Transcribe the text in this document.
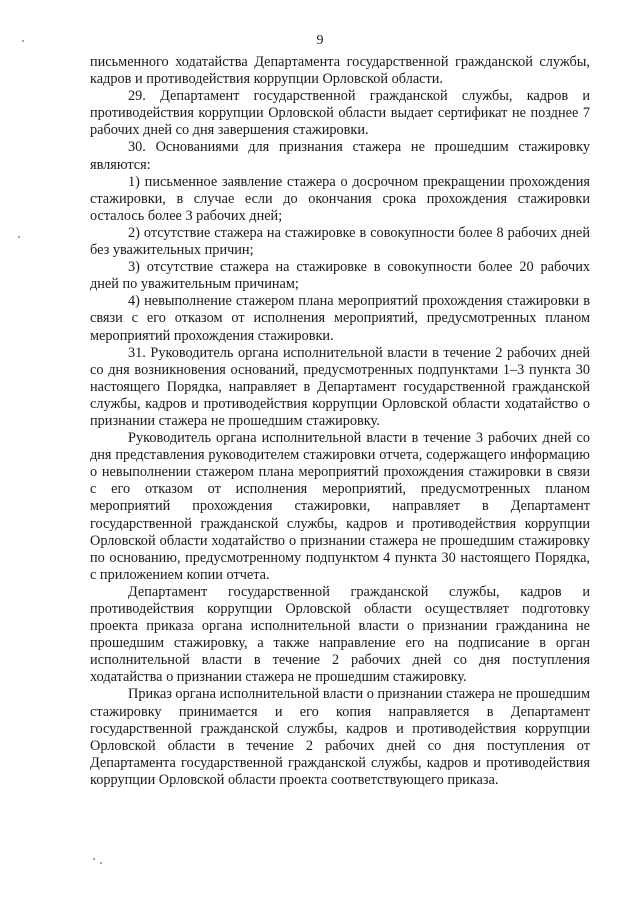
9

письменного ходатайства Департамента государственной гражданской службы, кадров и противодействия коррупции Орловской области.

29. Департамент государственной гражданской службы, кадров и противодействия коррупции Орловской области выдает сертификат не позднее 7 рабочих дней со дня завершения стажировки.

30. Основаниями для признания стажера не прошедшим стажировку являются:

1) письменное заявление стажера о досрочном прекращении прохождения стажировки, в случае если до окончания срока прохождения стажировки осталось более 3 рабочих дней;

2) отсутствие стажера на стажировке в совокупности более 8 рабочих дней без уважительных причин;

3) отсутствие стажера на стажировке в совокупности более 20 рабочих дней по уважительным причинам;

4) невыполнение стажером плана мероприятий прохождения стажировки в связи с его отказом от исполнения мероприятий, предусмотренных планом мероприятий прохождения стажировки.

31. Руководитель органа исполнительной власти в течение 2 рабочих дней со дня возникновения оснований, предусмотренных подпунктами 1–3 пункта 30 настоящего Порядка, направляет в Департамент государственной гражданской службы, кадров и противодействия коррупции Орловской области ходатайство о признании стажера не прошедшим стажировку.

Руководитель органа исполнительной власти в течение 3 рабочих дней со дня представления руководителем стажировки отчета, содержащего информацию о невыполнении стажером плана мероприятий прохождения стажировки в связи с его отказом от исполнения мероприятий, предусмотренных планом мероприятий прохождения стажировки, направляет в Департамент государственной гражданской службы, кадров и противодействия коррупции Орловской области ходатайство о признании стажера не прошедшим стажировку по основанию, предусмотренному подпунктом 4 пункта 30 настоящего Порядка, с приложением копии отчета.

Департамент государственной гражданской службы, кадров и противодействия коррупции Орловской области осуществляет подготовку проекта приказа органа исполнительной власти о признании гражданина не прошедшим стажировку, а также направление его на подписание в орган исполнительной власти в течение 2 рабочих дней со дня поступления ходатайства о признании стажера не прошедшим стажировку.

Приказ органа исполнительной власти о признании стажера не прошедшим стажировку принимается и его копия направляется в Департамент государственной гражданской службы, кадров и противодействия коррупции Орловской области в течение 2 рабочих дней со дня поступления от Департамента государственной гражданской службы, кадров и противодействия коррупции Орловской области проекта соответствующего приказа.
